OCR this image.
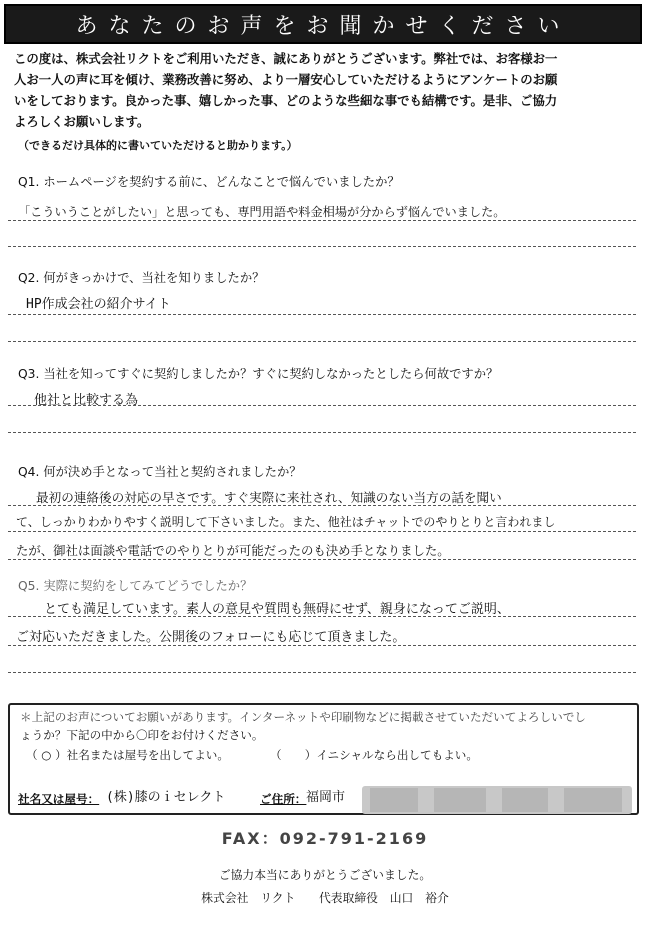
あなたのお声をお聞かせください
この度は、株式会社リクトをご利用いただき、誠にありがとうございます。弊社では、お客様お一
人お一人の声に耳を傾け、業務改善に努め、より一層安心していただけるようにアンケートのお願
いをしております。良かった事、嬉しかった事、どのような些細な事でも結構です。是非、ご協力
よろしくお願いします。
（できるだけ具体的に書いていただけると助かります。）
Q1. ホームページを契約する前に、どんなことで悩んでいましたか？
「こういうことがしたい」と思っても、専門用語や料金相場が分からず悩んでいました。
Q2. 何がきっかけで、当社を知りましたか？
HP作成会社の紹介サイト
Q3. 当社を知ってすぐに契約しましたか？すぐに契約しなかったとしたら何故ですか？
他社と比較する為
Q4. 何が決め手となって当社と契約されましたか？
最初の連絡後の対応の早さです。すぐ実際に来社され、知識のない当方の話を聞い
て、しっかりわかりやすく説明して下さいました。また、他社はチャットでのやりとりと言われまし
たが、御社は面談や電話でのやりとりが可能だったのも決め手となりました。
Q5. 実際に契約をしてみてどうでしたか？
とても満足しています。素人の意見や質問も無碍にせず、親身になってご説明、
ご対応いただきました。公開後のフォローにも応じて頂きました。
＊上記のお声についてお願いがあります。インターネットや印刷物などに掲載させていただいてよろしいでし
ょうか？下記の中から〇印をお付けください。
（ ○ ）社名または屋号を出してよい。	（　　）イニシャルなら出してもよい。
社名又は屋号： (株)膝のｉセレクト	ご住所： 福岡市
FAX：092-791-2169
ご協力本当にありがとうございました。
株式会社　リクト　　代表取締役　山口　裕介
